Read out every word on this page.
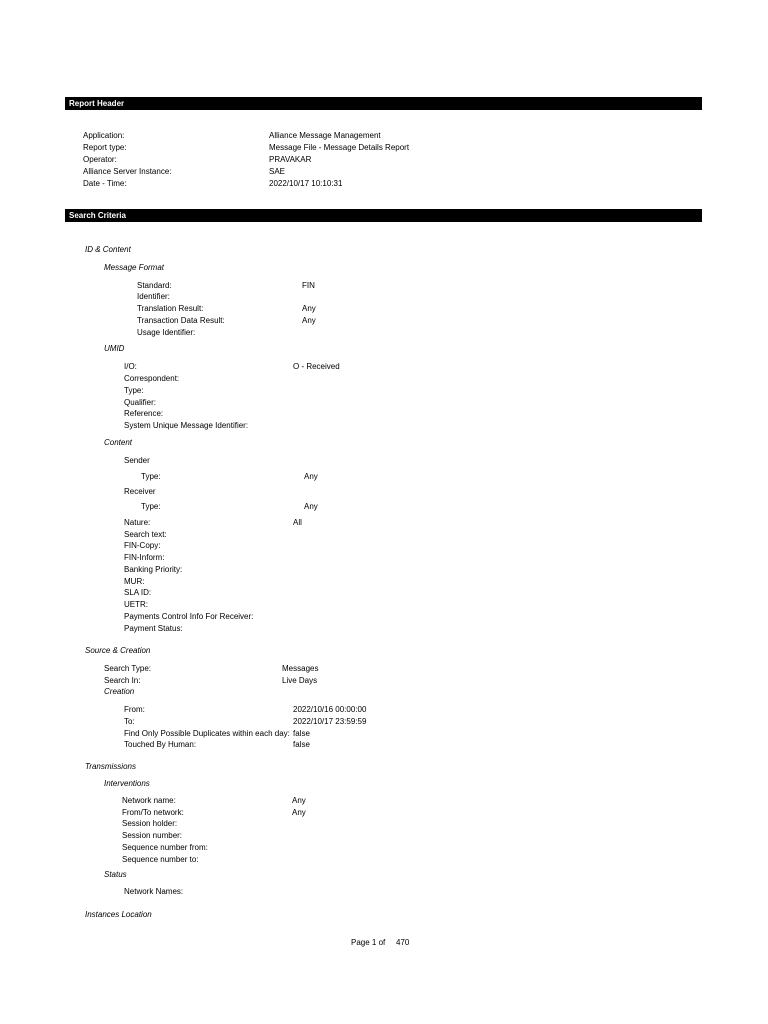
Report Header
Application:	Alliance Message Management
Report type:	Message File - Message Details Report
Operator:	PRAVAKAR
Alliance Server Instance:	SAE
Date - Time:	2022/10/17 10:10:31
Search Criteria
ID & Content
Message Format
Standard:	FIN
Identifier:
Translation Result:	Any
Transaction Data Result:	Any
Usage Identifier:
UMID
I/O:	O - Received
Correspondent:
Type:
Qualifier:
Reference:
System Unique Message Identifier:
Content
Sender
Type:	Any
Receiver
Type:	Any
Nature:	All
Search text:
FIN-Copy:
FIN-Inform:
Banking Priority:
MUR:
SLA ID:
UETR:
Payments Control Info For Receiver:
Payment Status:
Source & Creation
Search Type:	Messages
Search In:	Live Days
Creation
From:	2022/10/16 00:00:00
To:	2022/10/17 23:59:59
Find Only Possible Duplicates within each day: false
Touched By Human:	false
Transmissions
Interventions
Network name:	Any
From/To network:	Any
Session holder:
Session number:
Sequence number from:
Sequence number to:
Status
Network Names:
Instances Location
Page 1 of 470
